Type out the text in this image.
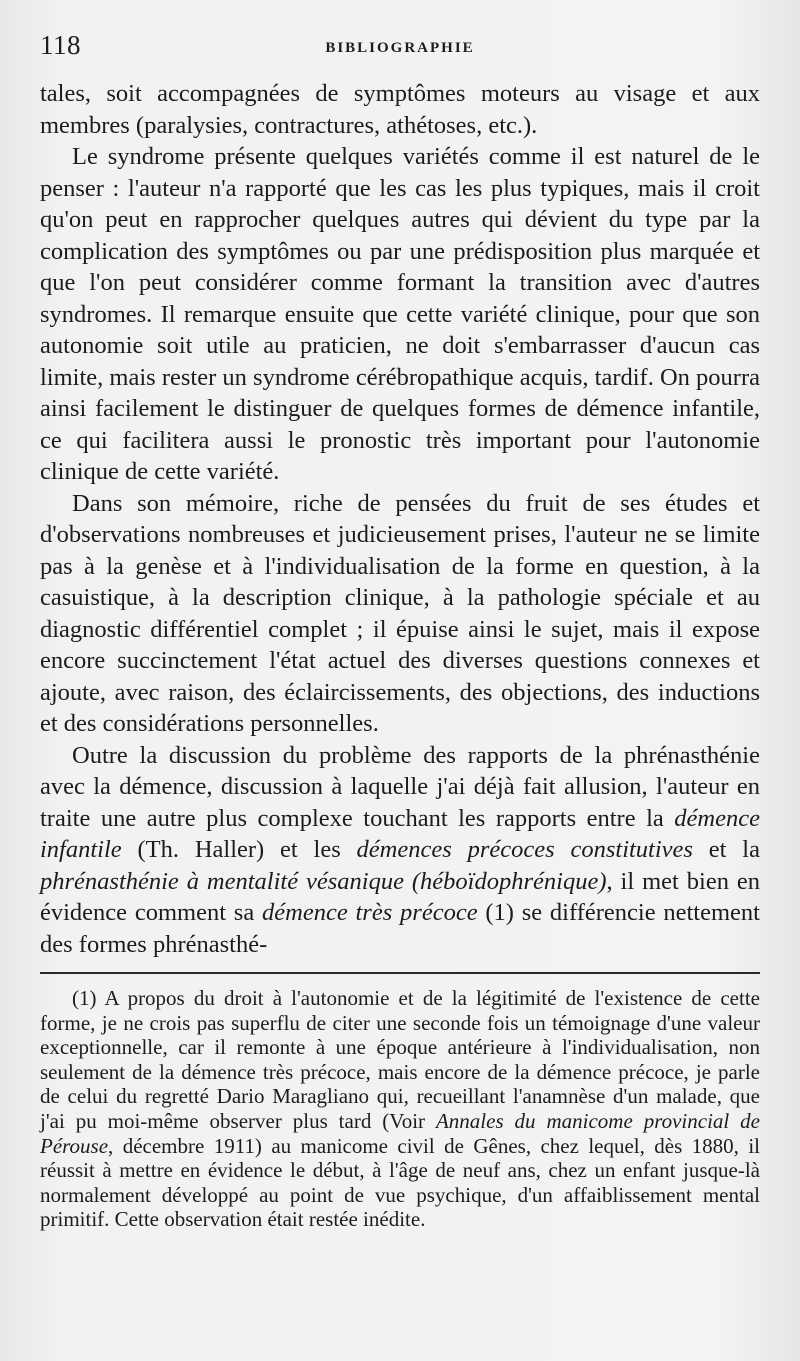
118	BIBLIOGRAPHIE

tales, soit accompagnées de symptômes moteurs au visage et aux membres (paralysies, contractures, athétoses, etc.).

Le syndrome présente quelques variétés comme il est naturel de le penser : l'auteur n'a rapporté que les cas les plus typiques, mais il croit qu'on peut en rapprocher quelques autres qui dévient du type par la complication des symptômes ou par une prédisposition plus marquée et que l'on peut considérer comme formant la transition avec d'autres syndromes. Il remarque ensuite que cette variété clinique, pour que son autonomie soit utile au praticien, ne doit s'embarrasser d'aucun cas limite, mais rester un syndrome cérébropathique acquis, tardif. On pourra ainsi facilement le distinguer de quelques formes de démence infantile, ce qui facilitera aussi le pronostic très important pour l'autonomie clinique de cette variété.

Dans son mémoire, riche de pensées du fruit de ses études et d'observations nombreuses et judicieusement prises, l'auteur ne se limite pas à la genèse et à l'individualisation de la forme en question, à la casuistique, à la description clinique, à la pathologie spéciale et au diagnostic différentiel complet ; il épuise ainsi le sujet, mais il expose encore succinctement l'état actuel des diverses questions connexes et ajoute, avec raison, des éclaircissements, des objections, des inductions et des considérations personnelles.

Outre la discussion du problème des rapports de la phrénasthénie avec la démence, discussion à laquelle j'ai déjà fait allusion, l'auteur en traite une autre plus complexe touchant les rapports entre la démence infantile (Th. Haller) et les démences précoces constitutives et la phrénasthénie à mentalité vésanique (héboïdophrénique), il met bien en évidence comment sa démence très précoce (1) se différencie nettement des formes phrénasthé-

(1) A propos du droit à l'autonomie et de la légitimité de l'existence de cette forme, je ne crois pas superflu de citer une seconde fois un témoignage d'une valeur exceptionnelle, car il remonte à une époque antérieure à l'individualisation, non seulement de la démence très précoce, mais encore de la démence précoce, je parle de celui du regretté Dario Maragliano qui, recueillant l'anamnèse d'un malade, que j'ai pu moi-même observer plus tard (Voir Annales du manicome provincial de Pérouse, décembre 1911) au manicome civil de Gênes, chez lequel, dès 1880, il réussit à mettre en évidence le début, à l'âge de neuf ans, chez un enfant jusque-là normalement développé au point de vue psychique, d'un affaiblissement mental primitif. Cette observation était restée inédite.
